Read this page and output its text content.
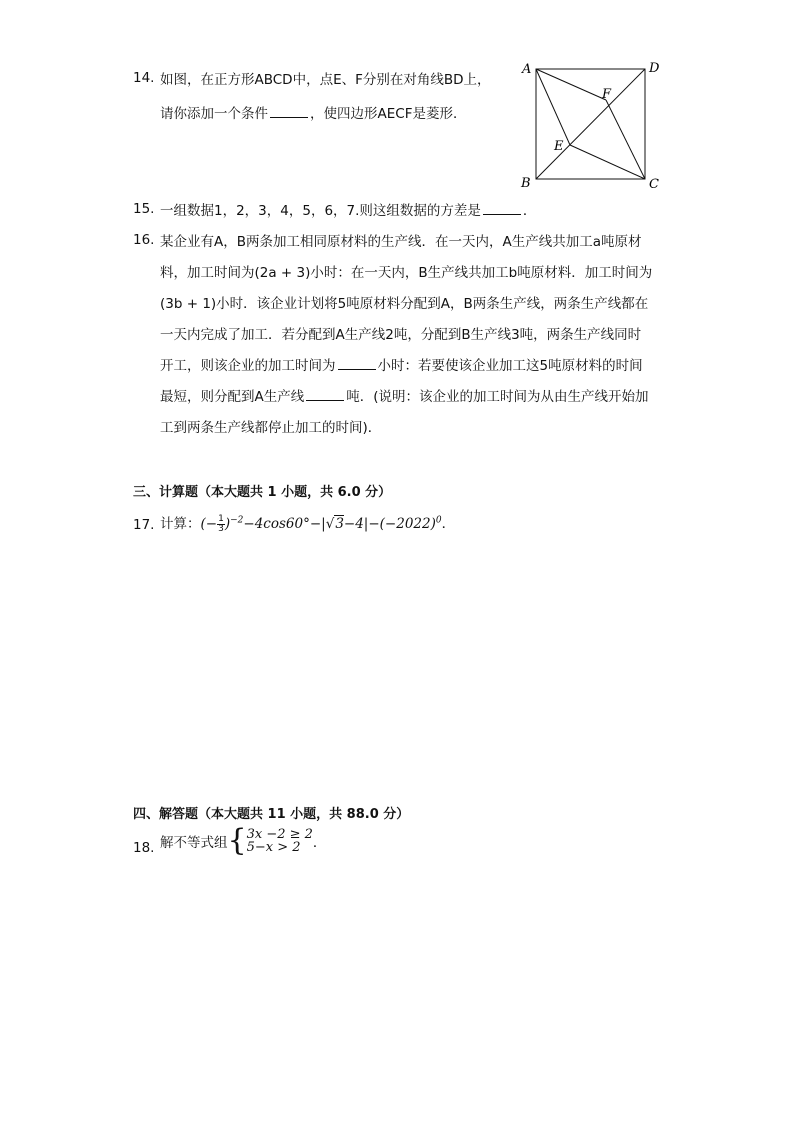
14. 如图，在正方形ABCD中，点E、F分别在对角线BD上，
请你添加一个条件	，使四边形AECF是菱形．
A	D
B	C
E
F
15. 一组数据1，2，3，4，5，6，7.则这组数据的方差是	．
16. 某企业有A，B两条加工相同原材料的生产线．在一天内，A生产线共加工a吨原材
料，加工时间为(2a + 3)小时：在一天内，B生产线共加工b吨原材料．加工时间为
(3b + 1)小时．该企业计划将5吨原材料分配到A，B两条生产线，两条生产线都在
一天内完成了加工．若分配到A生产线2吨，分配到B生产线3吨，两条生产线同时
开工，则该企业的加工时间为	小时：若要使该企业加工这5吨原材料的时间
最短，则分配到A生产线	吨．(说明：该企业的加工时间为从由生产线开始加
工到两条生产线都停止加工的时间)．
三、计算题（本大题共 1 小题，共 6.0 分）
17. 计算：(− $\frac{1}{3} )^{-2}-4\cos 60^\circ-|√3-4|-(-2022)^0$．
四、解答题（本大题共 11 小题，共 88.0 分）
18. 解不等式组{ 3x −2 ≥ 2
5−x > 2 ．
